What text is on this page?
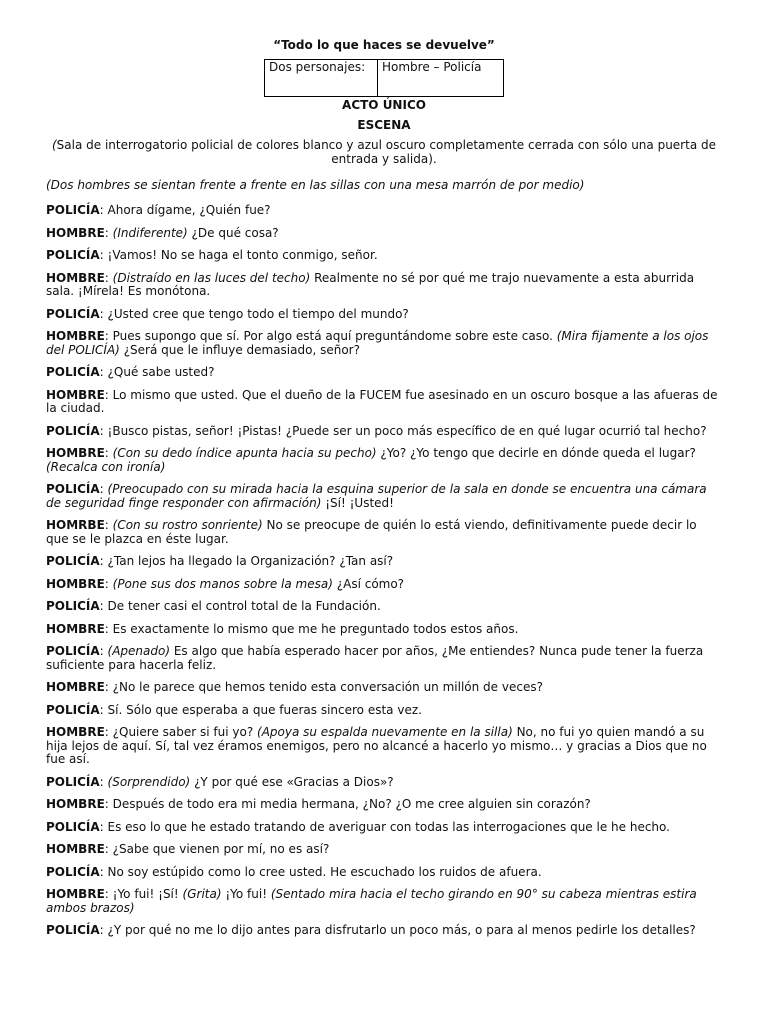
“Todo lo que haces se devuelve”

Dos personajes:	Hombre – Policía

ACTO ÚNICO

ESCENA

(Sala de interrogatorio policial de colores blanco y azul oscuro completamente cerrada con sólo una puerta de entrada y salida).

(Dos hombres se sientan frente a frente en las sillas con una mesa marrón de por medio)

POLICÍA: Ahora dígame, ¿Quién fue?

HOMBRE: (Indiferente) ¿De qué cosa?

POLICÍA: ¡Vamos! No se haga el tonto conmigo, señor.

HOMBRE: (Distraído en las luces del techo) Realmente no sé por qué me trajo nuevamente a esta aburrida sala. ¡Mírela! Es monótona.

POLICÍA: ¿Usted cree que tengo todo el tiempo del mundo?

HOMBRE: Pues supongo que sí. Por algo está aquí preguntándome sobre este caso. (Mira fijamente a los ojos del POLICÍA) ¿Será que le influye demasiado, señor?

POLICÍA: ¿Qué sabe usted?

HOMBRE: Lo mismo que usted. Que el dueño de la FUCEM fue asesinado en un oscuro bosque a las afueras de la ciudad.

POLICÍA: ¡Busco pistas, señor! ¡Pistas! ¿Puede ser un poco más específico de en qué lugar ocurrió tal hecho?

HOMBRE: (Con su dedo índice apunta hacia su pecho) ¿Yo? ¿Yo tengo que decirle en dónde queda el lugar? (Recalca con ironía)

POLICÍA: (Preocupado con su mirada hacia la esquina superior de la sala en donde se encuentra una cámara de seguridad finge responder con afirmación) ¡Sí! ¡Usted!

HOMRBE: (Con su rostro sonriente) No se preocupe de quién lo está viendo, definitivamente puede decir lo que se le plazca en éste lugar.

POLICÍA: ¿Tan lejos ha llegado la Organización? ¿Tan así?

HOMBRE: (Pone sus dos manos sobre la mesa) ¿Así cómo?

POLICÍA: De tener casi el control total de la Fundación.

HOMBRE: Es exactamente lo mismo que me he preguntado todos estos años.

POLICÍA: (Apenado) Es algo que había esperado hacer por años, ¿Me entiendes? Nunca pude tener la fuerza suficiente para hacerla feliz.

HOMBRE: ¿No le parece que hemos tenido esta conversación un millón de veces?

POLICÍA: Sí. Sólo que esperaba a que fueras sincero esta vez.

HOMBRE: ¿Quiere saber si fui yo? (Apoya su espalda nuevamente en la silla) No, no fui yo quien mandó a su hija lejos de aquí. Sí, tal vez éramos enemigos, pero no alcancé a hacerlo yo mismo… y gracias a Dios que no fue así.

POLICÍA: (Sorprendido) ¿Y por qué ese «Gracias a Dios»?

HOMBRE: Después de todo era mi media hermana, ¿No? ¿O me cree alguien sin corazón?

POLICÍA: Es eso lo que he estado tratando de averiguar con todas las interrogaciones que le he hecho.

HOMBRE: ¿Sabe que vienen por mí, no es así?

POLICÍA: No soy estúpido como lo cree usted. He escuchado los ruidos de afuera.

HOMBRE: ¡Yo fui! ¡Sí! (Grita) ¡Yo fui! (Sentado mira hacia el techo girando en 90° su cabeza mientras estira ambos brazos)

POLICÍA: ¿Y por qué no me lo dijo antes para disfrutarlo un poco más, o para al menos pedirle los detalles?
